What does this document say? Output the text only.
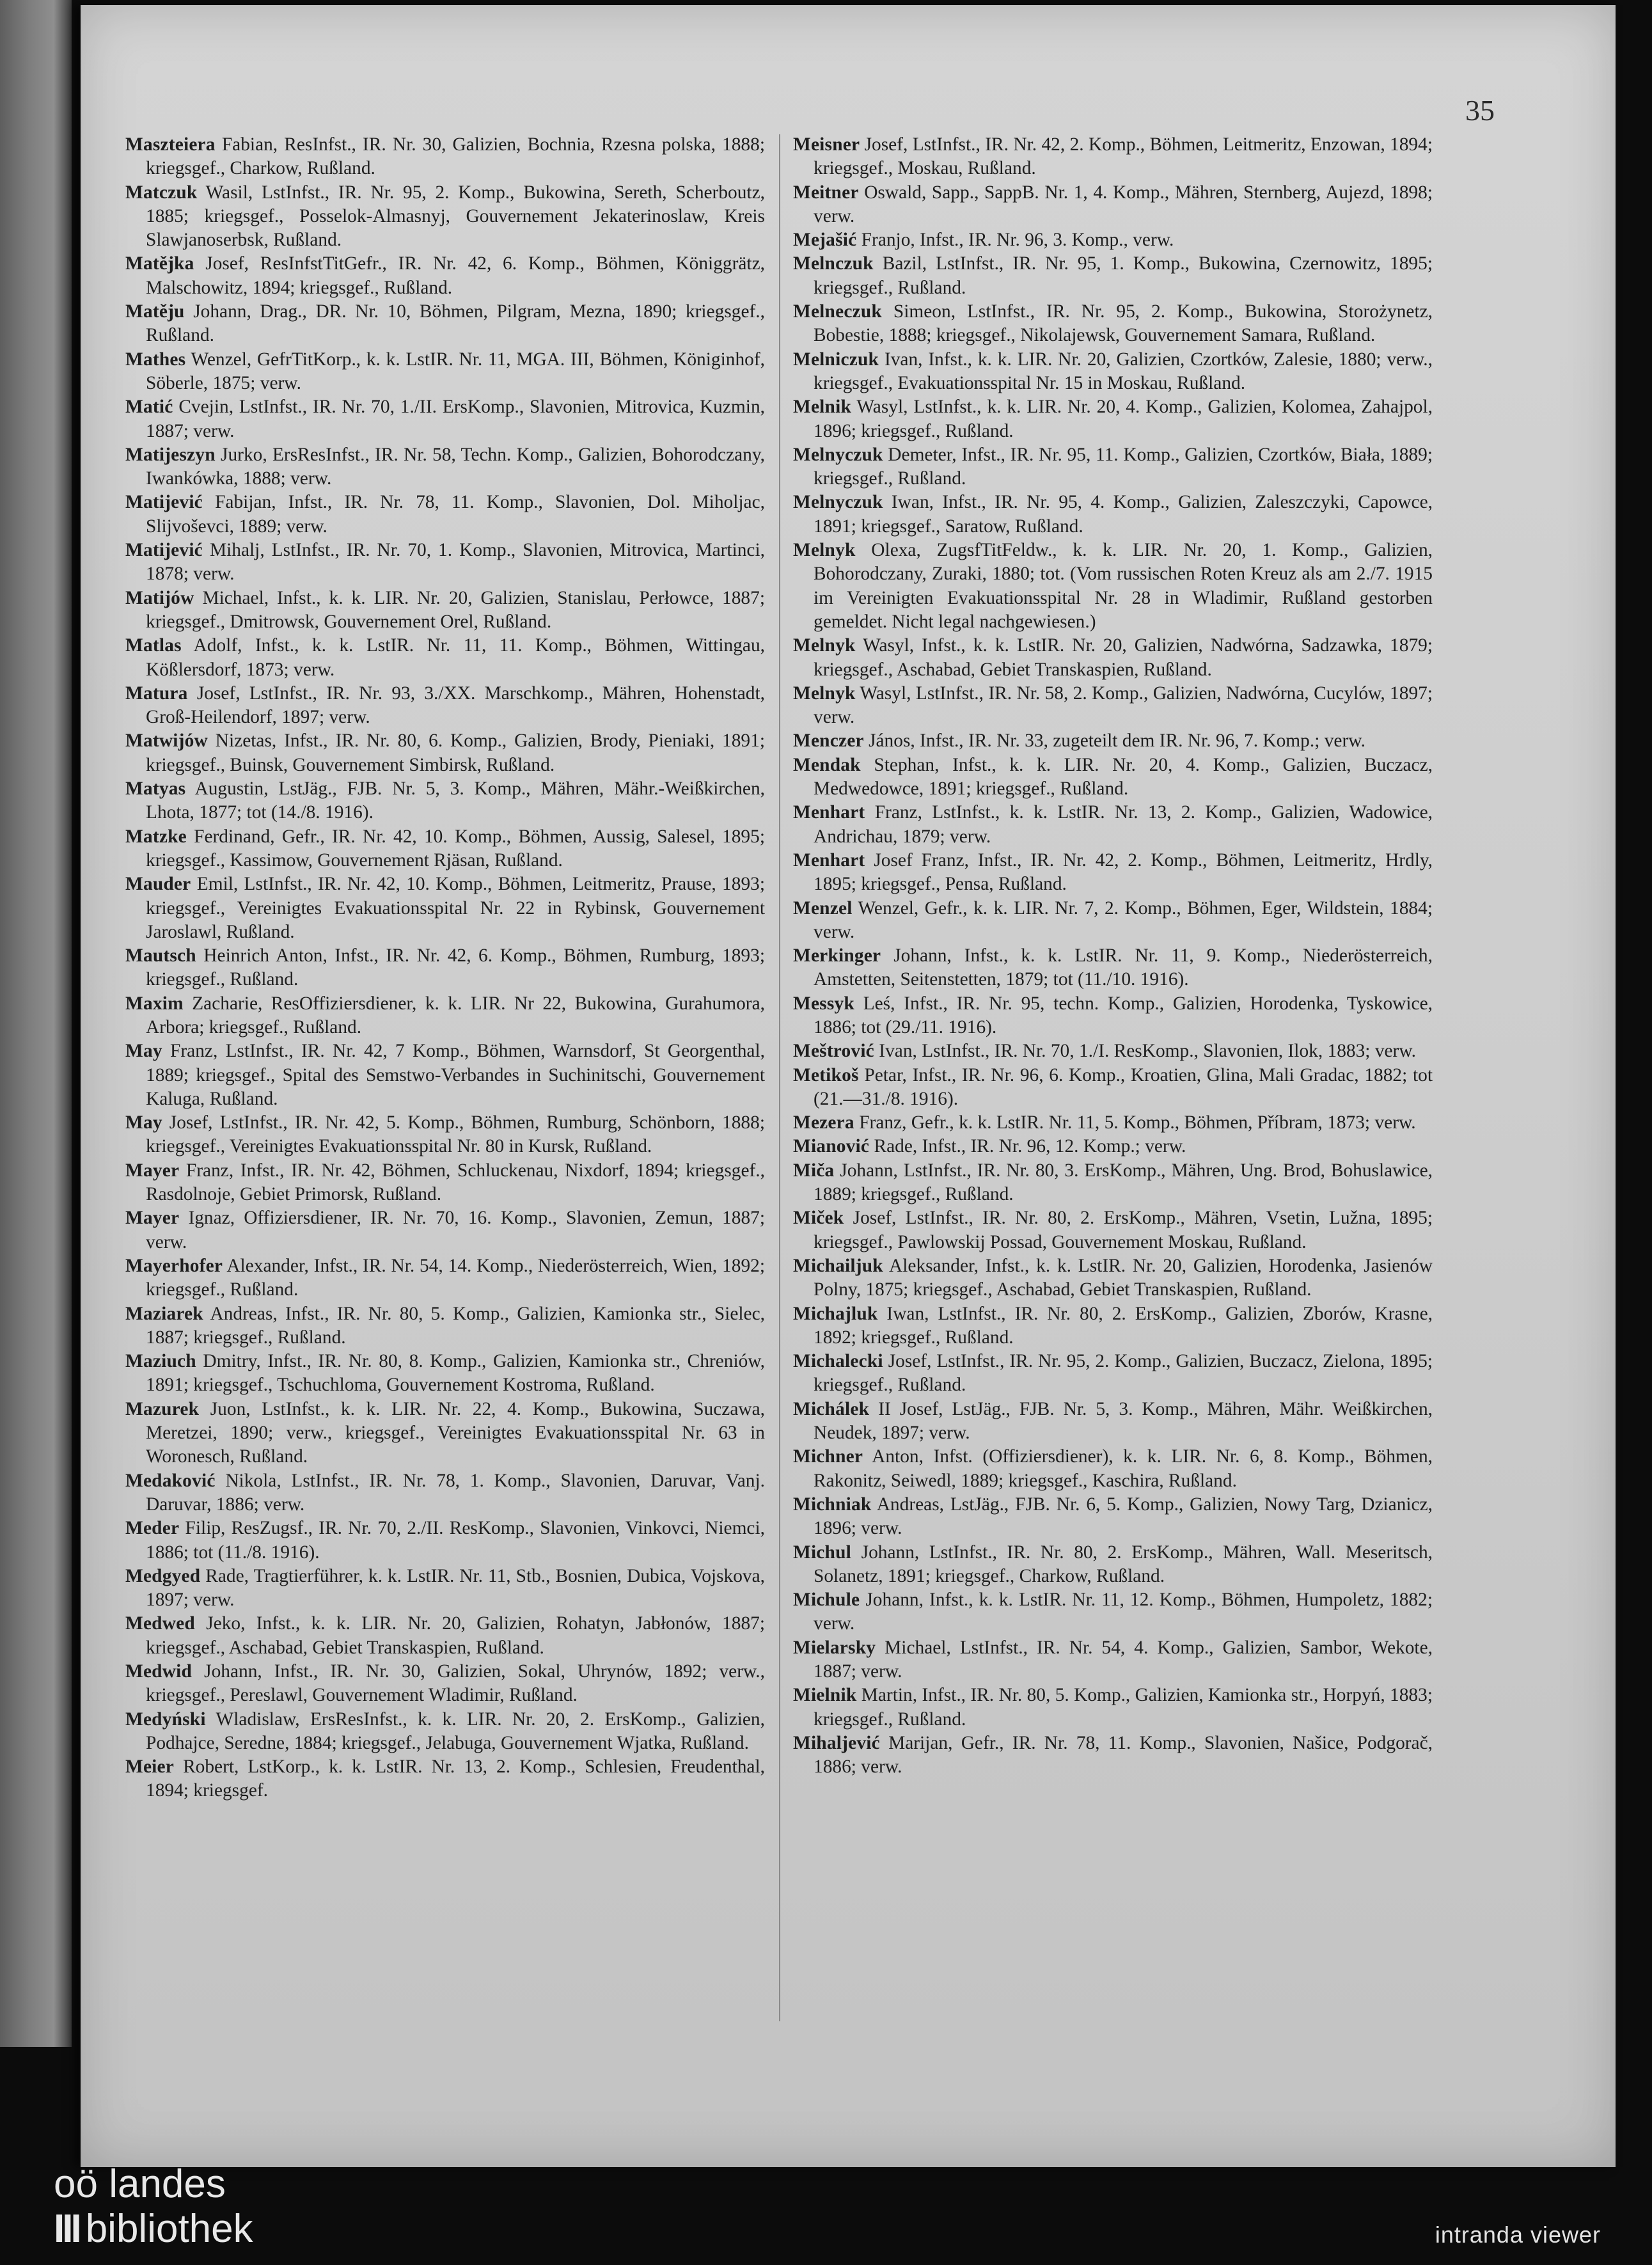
35
Maszteiera Fabian, ResInfst., IR. Nr. 30, Galizien, Bochnia, Rzesna polska, 1888; kriegsgef., Charkow, Rußland.
Matczuk Wasil, LstInfst., IR. Nr. 95, 2. Komp., Bukowina, Sereth, Scherboutz, 1885; kriegsgef., Posselok-Almasnyj, Gouvernement Jekaterinoslaw, Kreis Slawjanoserbsk, Rußland.
Matějka Josef, ResInfstTitGefr., IR. Nr. 42, 6. Komp., Böhmen, Königgrätz, Malschowitz, 1894; kriegsgef., Rußland.
Matěju Johann, Drag., DR. Nr. 10, Böhmen, Pilgram, Mezna, 1890; kriegsgef., Rußland.
Mathes Wenzel, GefrTitKorp., k. k. LstIR. Nr. 11, MGA. III, Böhmen, Königinhof, Söberle, 1875; verw.
Matić Cvejin, LstInfst., IR. Nr. 70, 1./II. ErsKomp., Slavonien, Mitrovica, Kuzmin, 1887; verw.
Matijeszyn Jurko, ErsResInfst., IR. Nr. 58, Techn. Komp., Galizien, Bohorodczany, Iwankówka, 1888; verw.
Matijević Fabijan, Infst., IR. Nr. 78, 11. Komp., Slavonien, Dol. Miholjac, Slijvoševci, 1889; verw.
Matijević Mihalj, LstInfst., IR. Nr. 70, 1. Komp., Slavonien, Mitrovica, Martinci, 1878; verw.
Matijów Michael, Infst., k. k. LIR. Nr. 20, Galizien, Stanislau, Perłowce, 1887; kriegsgef., Dmitrowsk, Gouvernement Orel, Rußland.
Matlas Adolf, Infst., k. k. LstIR. Nr. 11, 11. Komp., Böhmen, Wittingau, Kößlersdorf, 1873; verw.
Matura Josef, LstInfst., IR. Nr. 93, 3./XX. Marschkomp., Mähren, Hohenstadt, Groß-Heilendorf, 1897; verw.
Matwijów Nizetas, Infst., IR. Nr. 80, 6. Komp., Galizien, Brody, Pieniaki, 1891; kriegsgef., Buinsk, Gouvernement Simbirsk, Rußland.
Matyas Augustin, LstJäg., FJB. Nr. 5, 3. Komp., Mähren, Mähr.-Weißkirchen, Lhota, 1877; tot (14./8. 1916).
Matzke Ferdinand, Gefr., IR. Nr. 42, 10. Komp., Böhmen, Aussig, Salesel, 1895; kriegsgef., Kassimow, Gouvernement Rjäsan, Rußland.
Mauder Emil, LstInfst., IR. Nr. 42, 10. Komp., Böhmen, Leitmeritz, Prause, 1893; kriegsgef., Vereinigtes Evakuationsspital Nr. 22 in Rybinsk, Gouvernement Jaroslawl, Rußland.
Mautsch Heinrich Anton, Infst., IR. Nr. 42, 6. Komp., Böhmen, Rumburg, 1893; kriegsgef., Rußland.
Maxim Zacharie, ResOffiziersdiener, k. k. LIR. Nr 22, Bukowina, Gurahumora, Arbora; kriegsgef., Rußland.
May Franz, LstInfst., IR. Nr. 42, 7 Komp., Böhmen, Warnsdorf, St Georgenthal, 1889; kriegsgef., Spital des Semstwo-Verbandes in Suchinitschi, Gouvernement Kaluga, Rußland.
May Josef, LstInfst., IR. Nr. 42, 5. Komp., Böhmen, Rumburg, Schönborn, 1888; kriegsgef., Vereinigtes Evakuationsspital Nr. 80 in Kursk, Rußland.
Mayer Franz, Infst., IR. Nr. 42, Böhmen, Schluckenau, Nixdorf, 1894; kriegsgef., Rasdolnoje, Gebiet Primorsk, Rußland.
Mayer Ignaz, Offiziersdiener, IR. Nr. 70, 16. Komp., Slavonien, Zemun, 1887; verw.
Mayerhofer Alexander, Infst., IR. Nr. 54, 14. Komp., Niederösterreich, Wien, 1892; kriegsgef., Rußland.
Maziarek Andreas, Infst., IR. Nr. 80, 5. Komp., Galizien, Kamionka str., Sielec, 1887; kriegsgef., Rußland.
Maziuch Dmitry, Infst., IR. Nr. 80, 8. Komp., Galizien, Kamionka str., Chreniów, 1891; kriegsgef., Tschuchloma, Gouvernement Kostroma, Rußland.
Mazurek Juon, LstInfst., k. k. LIR. Nr. 22, 4. Komp., Bukowina, Suczawa, Meretzei, 1890; verw., kriegsgef., Vereinigtes Evakuationsspital Nr. 63 in Woronesch, Rußland.
Medaković Nikola, LstInfst., IR. Nr. 78, 1. Komp., Slavonien, Daruvar, Vanj. Daruvar, 1886; verw.
Meder Filip, ResZugsf., IR. Nr. 70, 2./II. ResKomp., Slavonien, Vinkovci, Niemci, 1886; tot (11./8. 1916).
Medgyed Rade, Tragtierführer, k. k. LstIR. Nr. 11, Stb., Bosnien, Dubica, Vojskova, 1897; verw.
Medwed Jeko, Infst., k. k. LIR. Nr. 20, Galizien, Rohatyn, Jabłonów, 1887; kriegsgef., Aschabad, Gebiet Transkaspien, Rußland.
Medwid Johann, Infst., IR. Nr. 30, Galizien, Sokal, Uhrynów, 1892; verw., kriegsgef., Pereslawl, Gouvernement Wladimir, Rußland.
Medyński Wladislaw, ErsResInfst., k. k. LIR. Nr. 20, 2. ErsKomp., Galizien, Podhajce, Seredne, 1884; kriegsgef., Jelabuga, Gouvernement Wjatka, Rußland.
Meier Robert, LstKorp., k. k. LstIR. Nr. 13, 2. Komp., Schlesien, Freudenthal, 1894; kriegsgef.
Meisner Josef, LstInfst., IR. Nr. 42, 2. Komp., Böhmen, Leitmeritz, Enzowan, 1894; kriegsgef., Moskau, Rußland.
Meitner Oswald, Sapp., SappB. Nr. 1, 4. Komp., Mähren, Sternberg, Aujezd, 1898; verw.
Mejašić Franjo, Infst., IR. Nr. 96, 3. Komp., verw.
Melnczuk Bazil, LstInfst., IR. Nr. 95, 1. Komp., Bukowina, Czernowitz, 1895; kriegsgef., Rußland.
Melneczuk Simeon, LstInfst., IR. Nr. 95, 2. Komp., Bukowina, Storożynetz, Bobestie, 1888; kriegsgef., Nikolajewsk, Gouvernement Samara, Rußland.
Melniczuk Ivan, Infst., k. k. LIR. Nr. 20, Galizien, Czortków, Zalesie, 1880; verw., kriegsgef., Evakuationsspital Nr. 15 in Moskau, Rußland.
Melnik Wasyl, LstInfst., k. k. LIR. Nr. 20, 4. Komp., Galizien, Kolomea, Zahajpol, 1896; kriegsgef., Rußland.
Melnyczuk Demeter, Infst., IR. Nr. 95, 11. Komp., Galizien, Czortków, Biała, 1889; kriegsgef., Rußland.
Melnyczuk Iwan, Infst., IR. Nr. 95, 4. Komp., Galizien, Zaleszczyki, Capowce, 1891; kriegsgef., Saratow, Rußland.
Melnyk Olexa, ZugsfTitFeldw., k. k. LIR. Nr. 20, 1. Komp., Galizien, Bohorodczany, Zuraki, 1880; tot. (Vom russischen Roten Kreuz als am 2./7. 1915 im Vereinigten Evakuationsspital Nr. 28 in Wladimir, Rußland gestorben gemeldet. Nicht legal nachgewiesen.)
Melnyk Wasyl, Infst., k. k. LstIR. Nr. 20, Galizien, Nadwórna, Sadzawka, 1879; kriegsgef., Aschabad, Gebiet Transkaspien, Rußland.
Melnyk Wasyl, LstInfst., IR. Nr. 58, 2. Komp., Galizien, Nadwórna, Cucylów, 1897; verw.
Menczer János, Infst., IR. Nr. 33, zugeteilt dem IR. Nr. 96, 7. Komp.; verw.
Mendak Stephan, Infst., k. k. LIR. Nr. 20, 4. Komp., Galizien, Buczacz, Medwedowce, 1891; kriegsgef., Rußland.
Menhart Franz, LstInfst., k. k. LstIR. Nr. 13, 2. Komp., Galizien, Wadowice, Andrichau, 1879; verw.
Menhart Josef Franz, Infst., IR. Nr. 42, 2. Komp., Böhmen, Leitmeritz, Hrdly, 1895; kriegsgef., Pensa, Rußland.
Menzel Wenzel, Gefr., k. k. LIR. Nr. 7, 2. Komp., Böhmen, Eger, Wildstein, 1884; verw.
Merkinger Johann, Infst., k. k. LstIR. Nr. 11, 9. Komp., Niederösterreich, Amstetten, Seitenstetten, 1879; tot (11./10. 1916).
Messyk Leś, Infst., IR. Nr. 95, techn. Komp., Galizien, Horodenka, Tyskowice, 1886; tot (29./11. 1916).
Meštrović Ivan, LstInfst., IR. Nr. 70, 1./I. ResKomp., Slavonien, Ilok, 1883; verw.
Metikoš Petar, Infst., IR. Nr. 96, 6. Komp., Kroatien, Glina, Mali Gradac, 1882; tot (21.—31./8. 1916).
Mezera Franz, Gefr., k. k. LstIR. Nr. 11, 5. Komp., Böhmen, Příbram, 1873; verw.
Mianović Rade, Infst., IR. Nr. 96, 12. Komp.; verw.
Miča Johann, LstInfst., IR. Nr. 80, 3. ErsKomp., Mähren, Ung. Brod, Bohuslawice, 1889; kriegsgef., Rußland.
Miček Josef, LstInfst., IR. Nr. 80, 2. ErsKomp., Mähren, Vsetin, Lužna, 1895; kriegsgef., Pawlowskij Possad, Gouvernement Moskau, Rußland.
Michailjuk Aleksander, Infst., k. k. LstIR. Nr. 20, Galizien, Horodenka, Jasienów Polny, 1875; kriegsgef., Aschabad, Gebiet Transkaspien, Rußland.
Michajluk Iwan, LstInfst., IR. Nr. 80, 2. ErsKomp., Galizien, Zborów, Krasne, 1892; kriegsgef., Rußland.
Michalecki Josef, LstInfst., IR. Nr. 95, 2. Komp., Galizien, Buczacz, Zielona, 1895; kriegsgef., Rußland.
Michálek II Josef, LstJäg., FJB. Nr. 5, 3. Komp., Mähren, Mähr. Weißkirchen, Neudek, 1897; verw.
Michner Anton, Infst. (Offiziersdiener), k. k. LIR. Nr. 6, 8. Komp., Böhmen, Rakonitz, Seiwedl, 1889; kriegsgef., Kaschira, Rußland.
Michniak Andreas, LstJäg., FJB. Nr. 6, 5. Komp., Galizien, Nowy Targ, Dzianicz, 1896; verw.
Michul Johann, LstInfst., IR. Nr. 80, 2. ErsKomp., Mähren, Wall. Meseritsch, Solanetz, 1891; kriegsgef., Charkow, Rußland.
Michule Johann, Infst., k. k. LstIR. Nr. 11, 12. Komp., Böhmen, Humpoletz, 1882; verw.
Mielarsky Michael, LstInfst., IR. Nr. 54, 4. Komp., Galizien, Sambor, Wekote, 1887; verw.
Mielnik Martin, Infst., IR. Nr. 80, 5. Komp., Galizien, Kamionka str., Horpyń, 1883; kriegsgef., Rußland.
Mihaljević Marijan, Gefr., IR. Nr. 78, 11. Komp., Slavonien, Našice, Podgorač, 1886; verw.
oö landes
III bibliothek	intranda viewer
